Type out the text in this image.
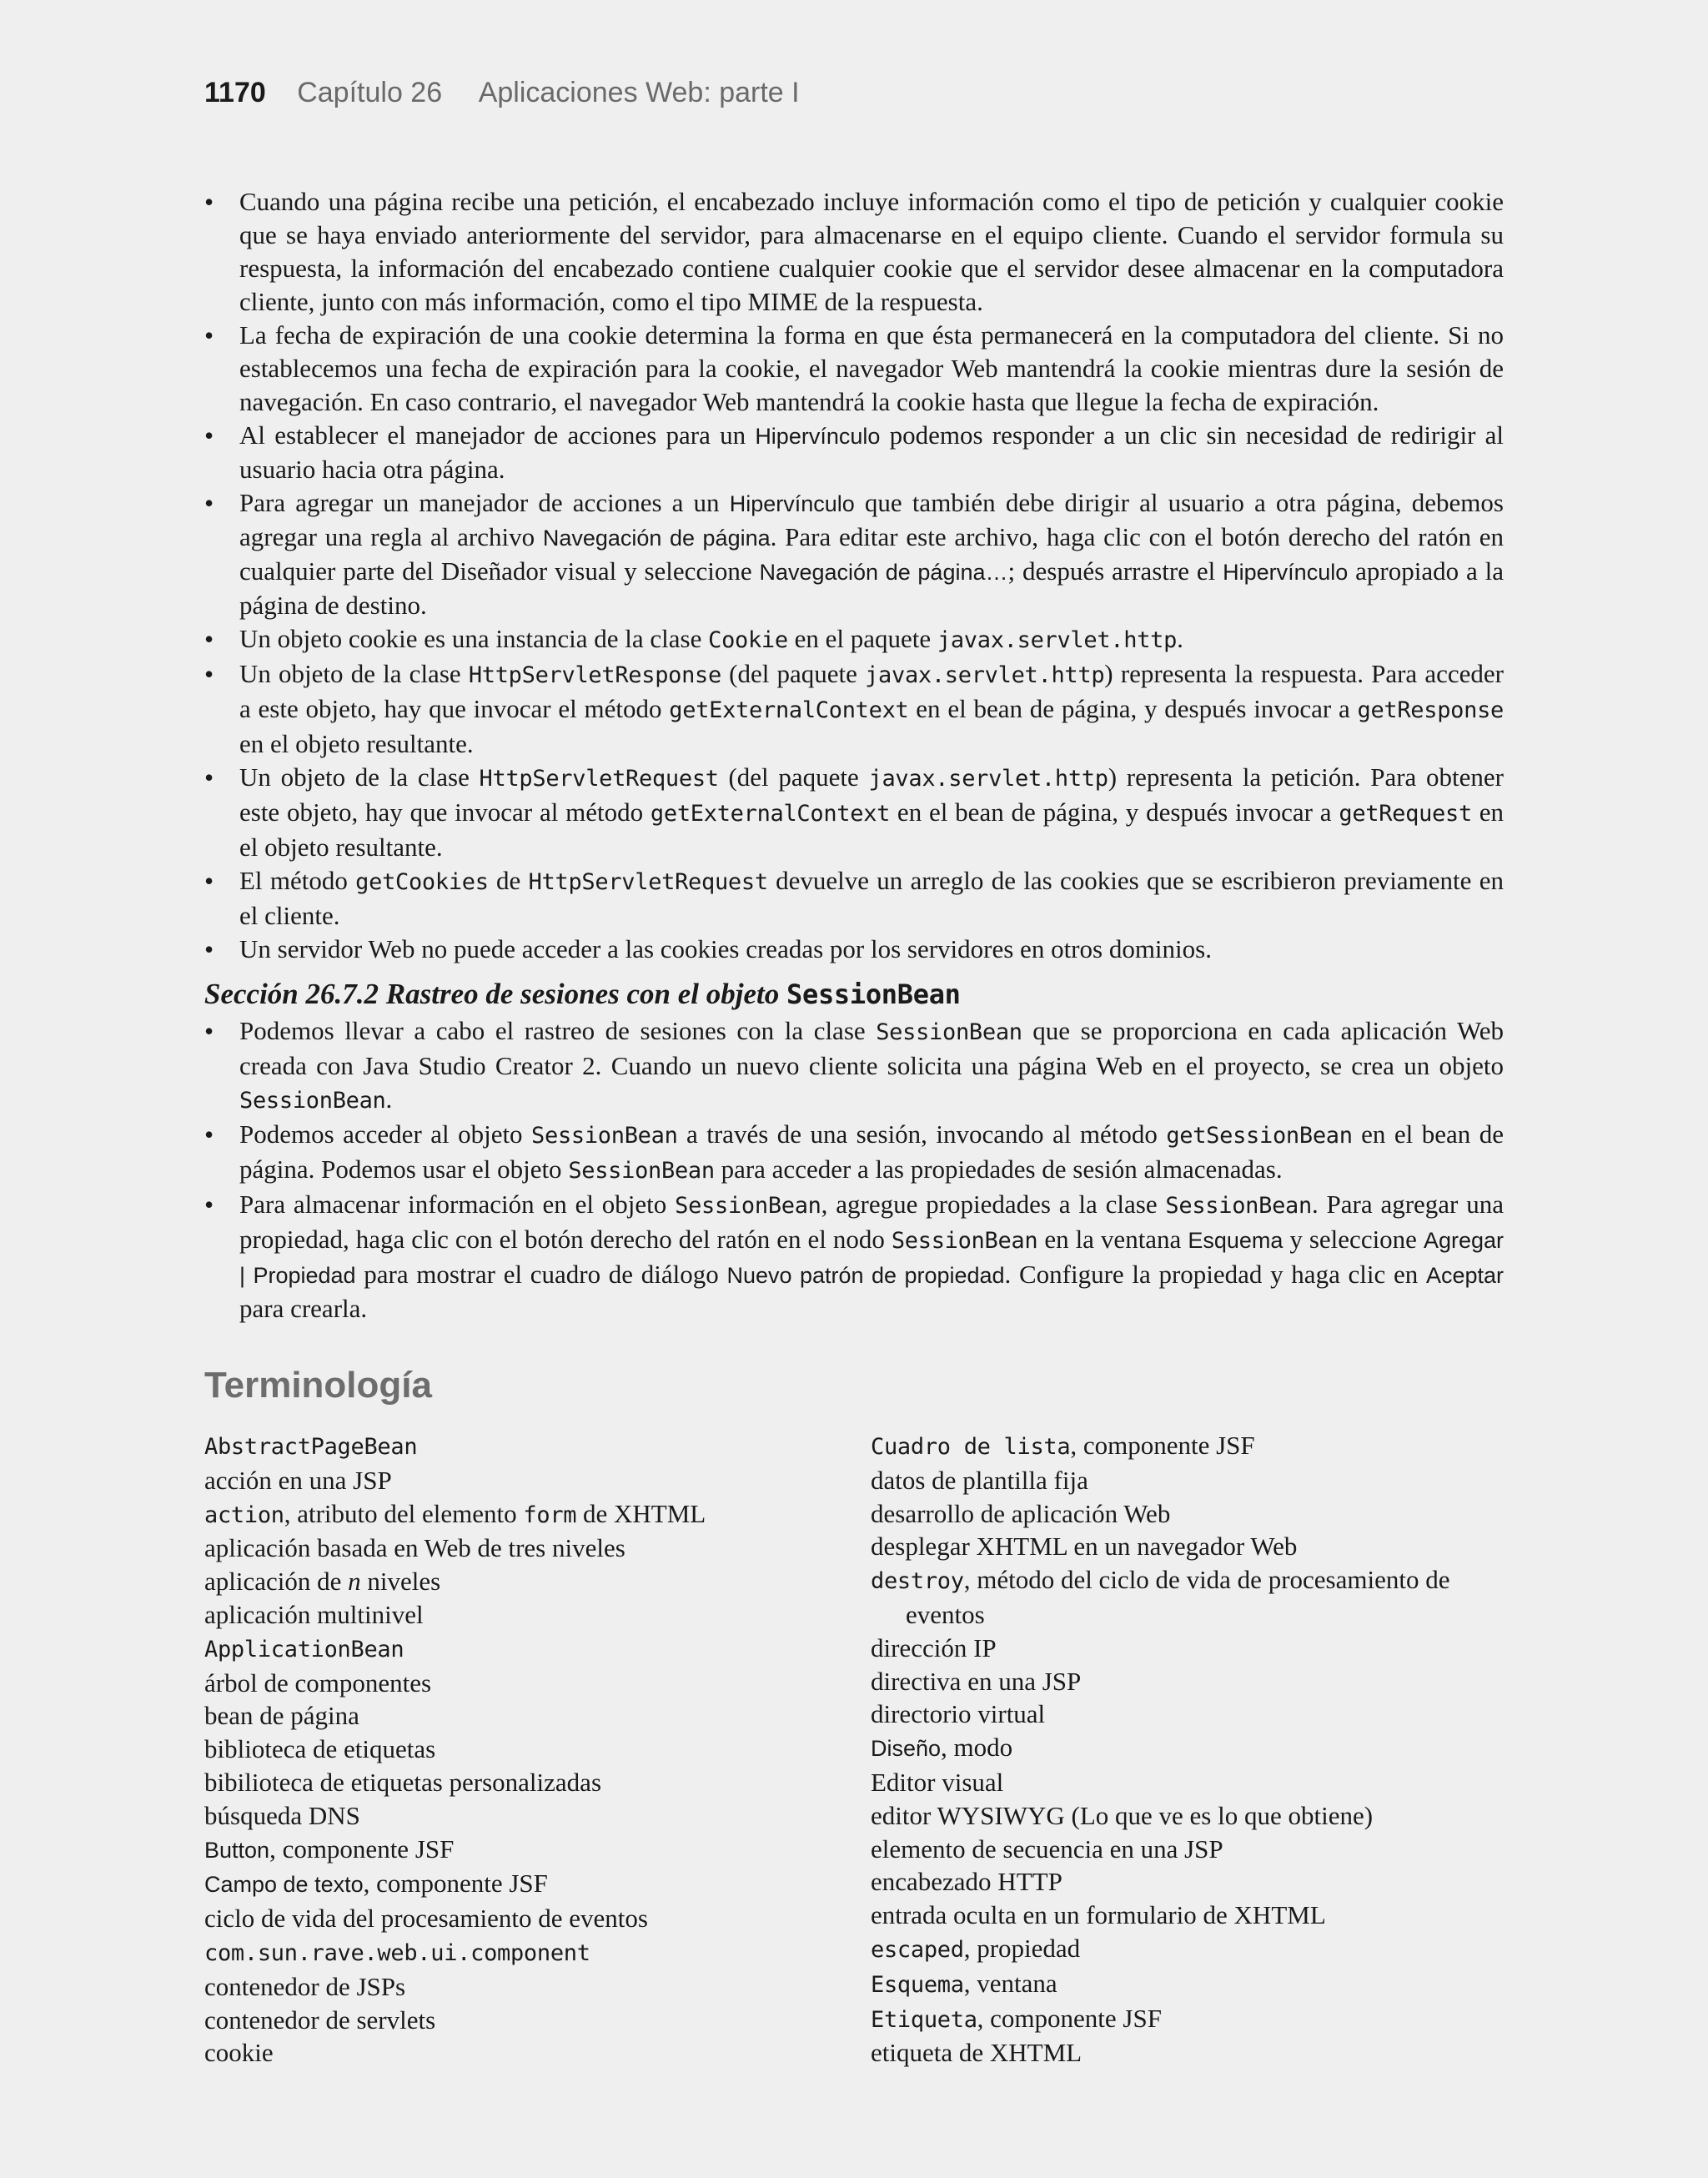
1170 Capítulo 26 Aplicaciones Web: parte I
• Cuando una página recibe una petición, el encabezado incluye información como el tipo de petición y cualquier cookie que se haya enviado anteriormente del servidor, para almacenarse en el equipo cliente. Cuando el servidor formula su respuesta, la información del encabezado contiene cualquier cookie que el servidor desee almacenar en la computadora cliente, junto con más información, como el tipo MIME de la respuesta.
• La fecha de expiración de una cookie determina la forma en que ésta permanecerá en la computadora del cliente. Si no establecemos una fecha de expiración para la cookie, el navegador Web mantendrá la cookie mientras dure la sesión de navegación. En caso contrario, el navegador Web mantendrá la cookie hasta que llegue la fecha de expiración.
• Al establecer el manejador de acciones para un Hipervínculo podemos responder a un clic sin necesidad de redirigir al usuario hacia otra página.
• Para agregar un manejador de acciones a un Hipervínculo que también debe dirigir al usuario a otra página, debemos agregar una regla al archivo Navegación de página. Para editar este archivo, haga clic con el botón derecho del ratón en cualquier parte del Diseñador visual y seleccione Navegación de página…; después arrastre el Hipervínculo apropiado a la página de destino.
• Un objeto cookie es una instancia de la clase Cookie en el paquete javax.servlet.http.
• Un objeto de la clase HttpServletResponse (del paquete javax.servlet.http) representa la respuesta. Para acceder a este objeto, hay que invocar el método getExternalContext en el bean de página, y después invocar a getResponse en el objeto resultante.
• Un objeto de la clase HttpServletRequest (del paquete javax.servlet.http) representa la petición. Para obtener este objeto, hay que invocar al método getExternalContext en el bean de página, y después invocar a getRequest en el objeto resultante.
• El método getCookies de HttpServletRequest devuelve un arreglo de las cookies que se escribieron previamente en el cliente.
• Un servidor Web no puede acceder a las cookies creadas por los servidores en otros dominios.
Sección 26.7.2 Rastreo de sesiones con el objeto SessionBean
• Podemos llevar a cabo el rastreo de sesiones con la clase SessionBean que se proporciona en cada aplicación Web creada con Java Studio Creator 2. Cuando un nuevo cliente solicita una página Web en el proyecto, se crea un objeto SessionBean.
• Podemos acceder al objeto SessionBean a través de una sesión, invocando al método getSessionBean en el bean de página. Podemos usar el objeto SessionBean para acceder a las propiedades de sesión almacenadas.
• Para almacenar información en el objeto SessionBean, agregue propiedades a la clase SessionBean. Para agregar una propiedad, haga clic con el botón derecho del ratón en el nodo SessionBean en la ventana Esquema y seleccione Agregar | Propiedad para mostrar el cuadro de diálogo Nuevo patrón de propiedad. Configure la propiedad y haga clic en Aceptar para crearla.
Terminología
AbstractPageBean
acción en una JSP
action, atributo del elemento form de XHTML
aplicación basada en Web de tres niveles
aplicación de n niveles
aplicación multinivel
ApplicationBean
árbol de componentes
bean de página
biblioteca de etiquetas
bibilioteca de etiquetas personalizadas
búsqueda DNS
Button, componente JSF
Campo de texto, componente JSF
ciclo de vida del procesamiento de eventos
com.sun.rave.web.ui.component
contenedor de JSPs
contenedor de servlets
cookie
Cuadro de lista, componente JSF
datos de plantilla fija
desarrollo de aplicación Web
desplegar XHTML en un navegador Web
destroy, método del ciclo de vida de procesamiento de eventos
dirección IP
directiva en una JSP
directorio virtual
Diseño, modo
Editor visual
editor WYSIWYG (Lo que ve es lo que obtiene)
elemento de secuencia en una JSP
encabezado HTTP
entrada oculta en un formulario de XHTML
escaped, propiedad
Esquema, ventana
Etiqueta, componente JSF
etiqueta de XHTML
